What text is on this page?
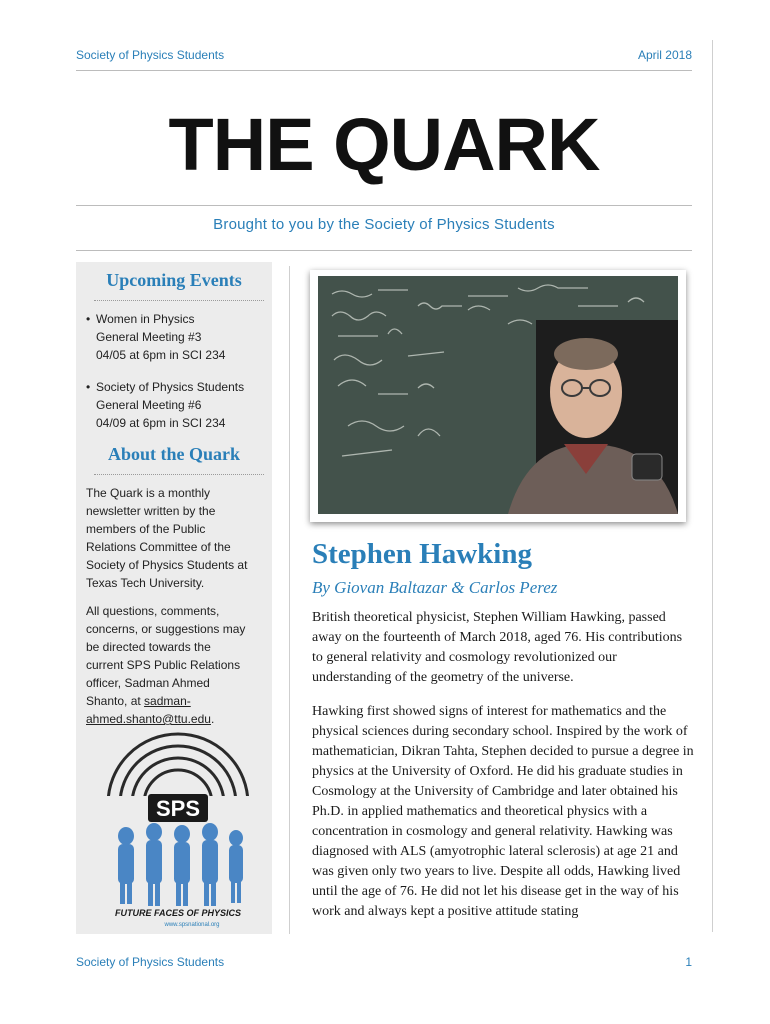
Society of Physics Students	April 2018
THE QUARK
Brought to you by the Society of Physics Students
Upcoming Events
• Women in Physics
General Meeting #3
04/05 at 6pm in SCI 234
• Society of Physics Students
General Meeting #6
04/09 at 6pm in SCI 234
About the Quark
The Quark is a monthly
newsletter written by the
members of the Public
Relations Committee of the
Society of Physics Students at
Texas Tech University.
All questions, comments,
concerns, or suggestions may
be directed towards the
current SPS Public Relations
officer, Sadman Ahmed
Shanto, at sadman-
ahmed.shanto@ttu.edu.
SPS
FUTURE FACES OF PHYSICS
www.spsnational.org
Stephen Hawking
By Giovan Baltazar & Carlos Perez
British theoretical physicist, Stephen William Hawking, passed away on the fourteenth of March 2018, aged 76. His contributions to general relativity and cosmology revolutionized our understanding of the geometry of the universe.
Hawking first showed signs of interest for mathematics and the physical sciences during secondary school. Inspired by the work of mathematician, Dikran Tahta, Stephen decided to pursue a degree in physics at the University of Oxford. He did his graduate studies in Cosmology at the University of Cambridge and later obtained his Ph.D. in applied mathematics and theoretical physics with a concentration in cosmology and general relativity. Hawking was diagnosed with ALS (amyotrophic lateral sclerosis) at age 21 and was given only two years to live. Despite all odds, Hawking lived until the age of 76. He did not let his disease get in the way of his work and always kept a positive attitude stating
Society of Physics Students	1
